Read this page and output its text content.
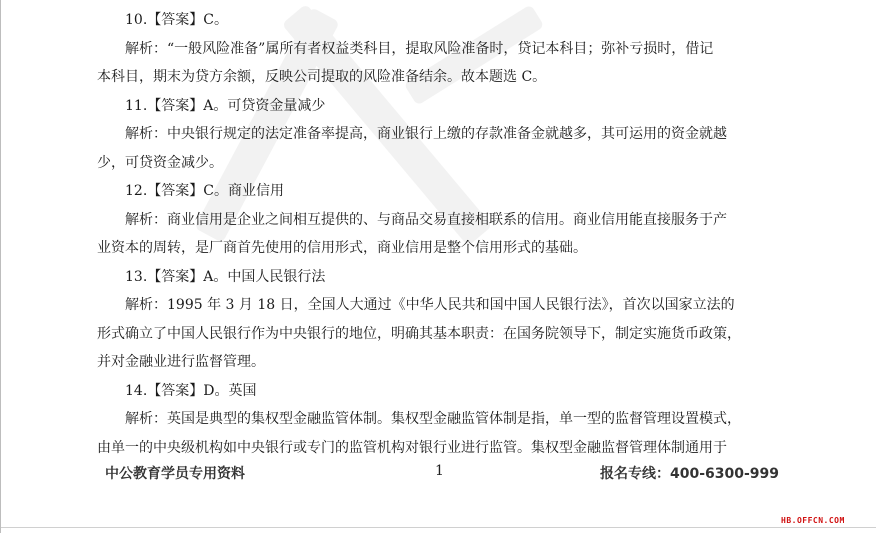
10.【答案】C。
解析：“一般风险准备”属所有者权益类科目，提取风险准备时，贷记本科目；弥补亏损时，借记
本科目，期末为贷方余额，反映公司提取的风险准备结余。故本题选 C。
11.【答案】A。可贷资金量减少
解析：中央银行规定的法定准备率提高，商业银行上缴的存款准备金就越多，其可运用的资金就越
少，可贷资金减少。
12.【答案】C。商业信用
解析：商业信用是企业之间相互提供的、与商品交易直接相联系的信用。商业信用能直接服务于产
业资本的周转，是厂商首先使用的信用形式，商业信用是整个信用形式的基础。
13.【答案】A。中国人民银行法
解析：1995 年 3 月 18 日，全国人大通过《中华人民共和国中国人民银行法》，首次以国家立法的
形式确立了中国人民银行作为中央银行的地位，明确其基本职责：在国务院领导下，制定实施货币政策，
并对金融业进行监督管理。
14.【答案】D。英国
解析：英国是典型的集权型金融监管体制。集权型金融监管体制是指，单一型的监督管理设置模式，
由单一的中央级机构如中央银行或专门的监管机构对银行业进行监管。集权型金融监督管理体制通用于
中公教育学员专用资料	1	报名专线：400-6300-999
HB.OFFCN.COM
